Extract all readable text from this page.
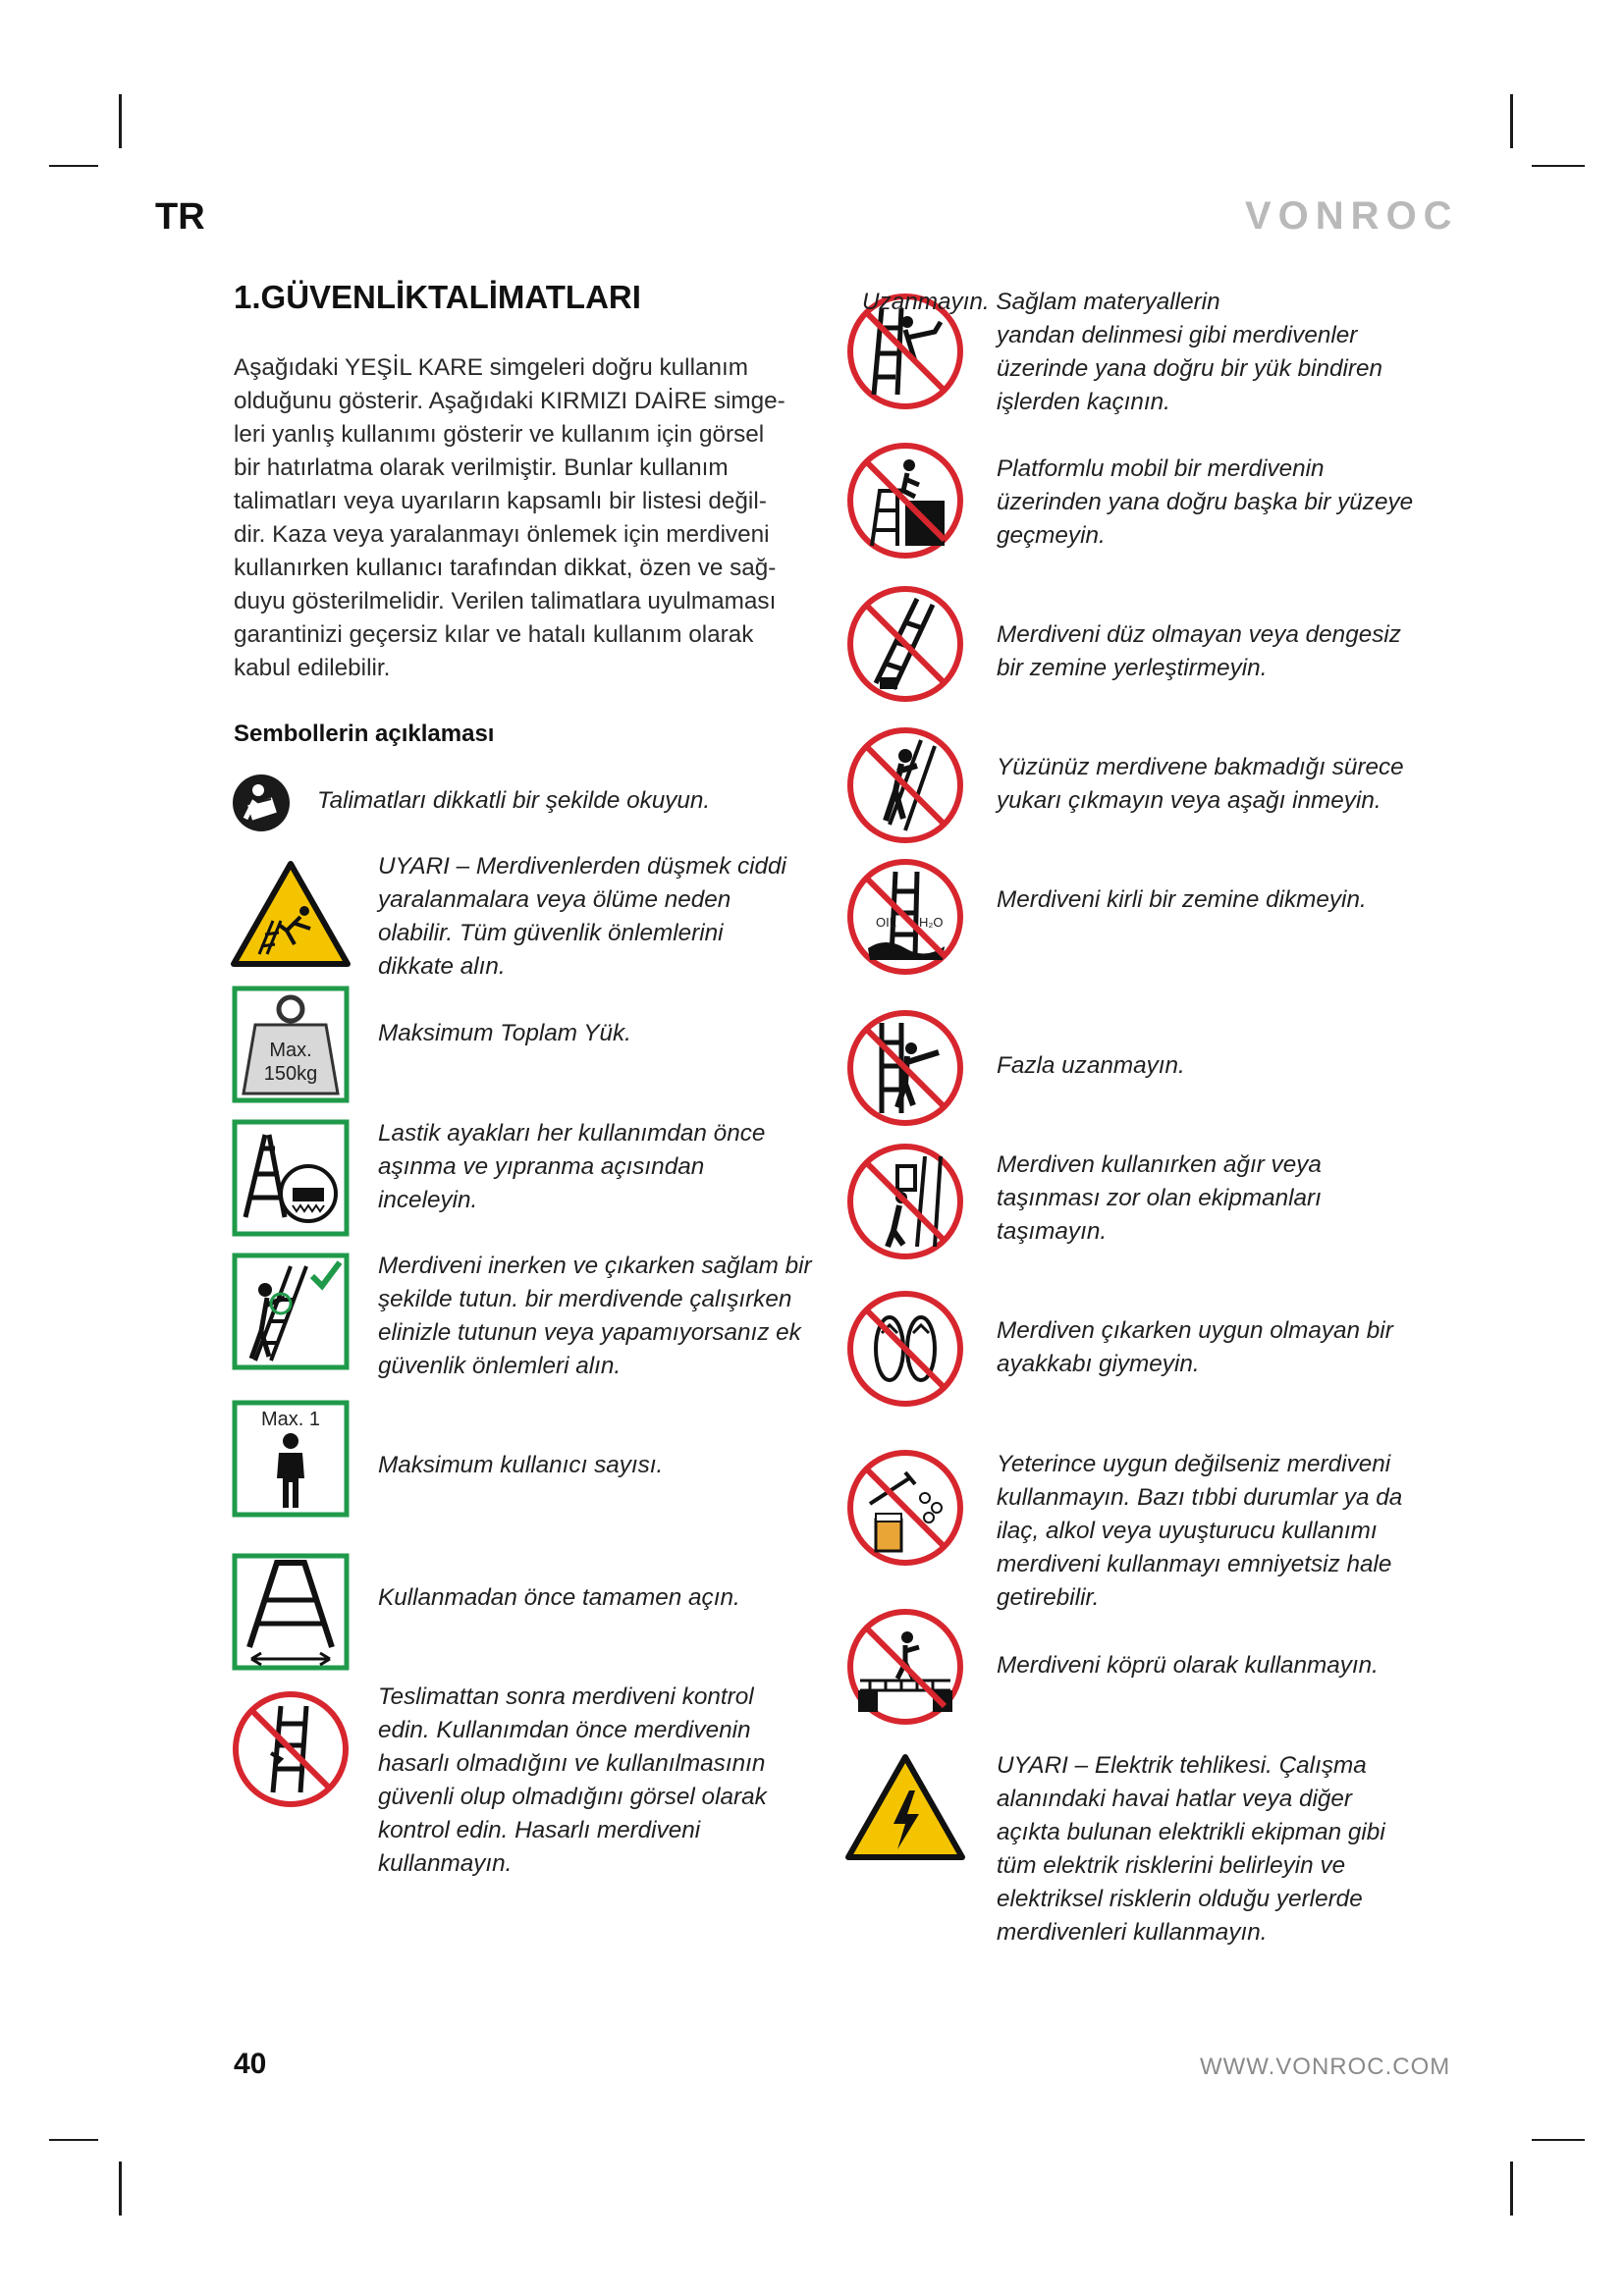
TR	VONROC
1.GÜVENLİKTALİMATLARI

Aşağıdaki YEŞİL KARE simgeleri doğru kullanım

olduğunu gösterir. Aşağıdaki KIRMIZI DAİRE simge-

leri yanlış kullanımı gösterir ve kullanım için görsel

bir hatırlatma olarak verilmiştir. Bunlar kullanım

talimatları veya uyarıların kapsamlı bir listesi değil-

dir. Kaza veya yaralanmayı önlemek için merdiveni

kullanırken kullanıcı tarafından dikkat, özen ve sağ-

duyu gösterilmelidir. Verilen talimatlara uyulmaması

garantinizi geçersiz kılar ve hatalı kullanım olarak

kabul edilebilir.

Sembollerin açıklaması
Max.
150kg
Max. 1
OIL H₂O
Talimatları dikkatli bir şekilde okuyun.
UYARI – Merdivenlerden düşmek ciddi
yaralanmalara veya ölüme neden
olabilir. Tüm güvenlik önlemlerini
dikkate alın.
Maksimum Toplam Yük.
Lastik ayakları her kullanımdan önce
aşınma ve yıpranma açısından
inceleyin.
Merdiveni inerken ve çıkarken sağlam bir
şekilde tutun. bir merdivende çalışırken
elinizle tutunun veya yapamıyorsanız ek
güvenlik önlemleri alın.
Maksimum kullanıcı sayısı.
Kullanmadan önce tamamen açın.
Teslimattan sonra merdiveni kontrol
edin. Kullanımdan önce merdivenin
hasarlı olmadığını ve kullanılmasının
güvenli olup olmadığını görsel olarak
kontrol edin. Hasarlı merdiveni
kullanmayın.
Uzanmayın. Sağlam materyallerin
yandan delinmesi gibi merdivenler
üzerinde yana doğru bir yük bindiren
işlerden kaçının.
Platformlu mobil bir merdivenin
üzerinden yana doğru başka bir yüzeye
geçmeyin.
Merdiveni düz olmayan veya dengesiz
bir zemine yerleştirmeyin.
Yüzünüz merdivene bakmadığı sürece
yukarı çıkmayın veya aşağı inmeyin.
Merdiveni kirli bir zemine dikmeyin.
Fazla uzanmayın.
Merdiven kullanırken ağır veya
taşınması zor olan ekipmanları
taşımayın.
Merdiven çıkarken uygun olmayan bir
ayakkabı giymeyin.
Yeterince uygun değilseniz merdiveni
kullanmayın. Bazı tıbbi durumlar ya da
ilaç, alkol veya uyuşturucu kullanımı
merdiveni kullanmayı emniyetsiz hale
getirebilir.
Merdiveni köprü olarak kullanmayın.
UYARI – Elektrik tehlikesi. Çalışma
alanındaki havai hatlar veya diğer
açıkta bulunan elektrikli ekipman gibi
tüm elektrik risklerini belirleyin ve
elektriksel risklerin olduğu yerlerde
merdivenleri kullanmayın.
40	WWW.VONROC.COM
